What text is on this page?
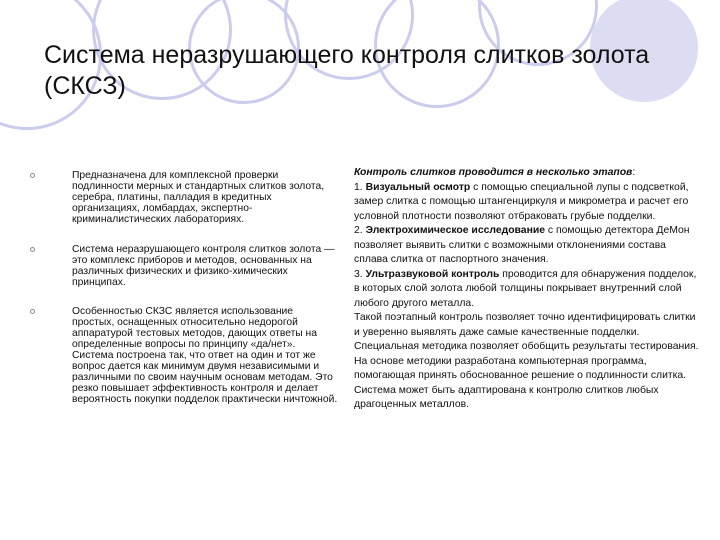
Система неразрушающего контроля слитков золота (СКСЗ)
Предназначена для комплексной проверки подлинности мерных и стандартных слитков золота, серебра, платины, палладия в кредитных организациях, ломбардах, экспертно-криминалистических лабораториях.
Система неразрушающего контроля слитков золота — это комплекс приборов и методов, основанных на различных физических и физико-химических принципах.
Особенностью СКЗС является использование простых, оснащенных относительно недорогой аппаратурой тестовых методов, дающих ответы на определенные вопросы по принципу «да/нет». Система построена так, что ответ на один и тот же вопрос дается как минимум двумя независимыми и различными по своим научным основам методам. Это резко повышает эффективность контроля и делает вероятность покупки подделок практически ничтожной.

Контроль слитков проводится в несколько этапов:

1. Визуальный осмотр с помощью специальной лупы с подсветкой, замер слитка с помощью штангенциркуля и микрометра и расчет его условной плотности позволяют отбраковать грубые подделки.

2. Электрохимическое исследование с помощью детектора ДеМон позволяет выявить слитки с возможными отклонениями состава сплава слитка от паспортного значения.

3. Ультразвуковой контроль проводится для обнаружения подделок, в которых слой золота любой толщины покрывает внутренний слой любого другого металла.

Такой поэтапный контроль позволяет точно идентифицировать слитки и уверенно выявлять даже самые качественные подделки. Специальная методика позволяет обобщить результаты тестирования. На основе методики разработана компьютерная программа, помогающая принять обоснованное решение о подлинности слитка. Система может быть адаптирована к контролю слитков любых драгоценных металлов.
